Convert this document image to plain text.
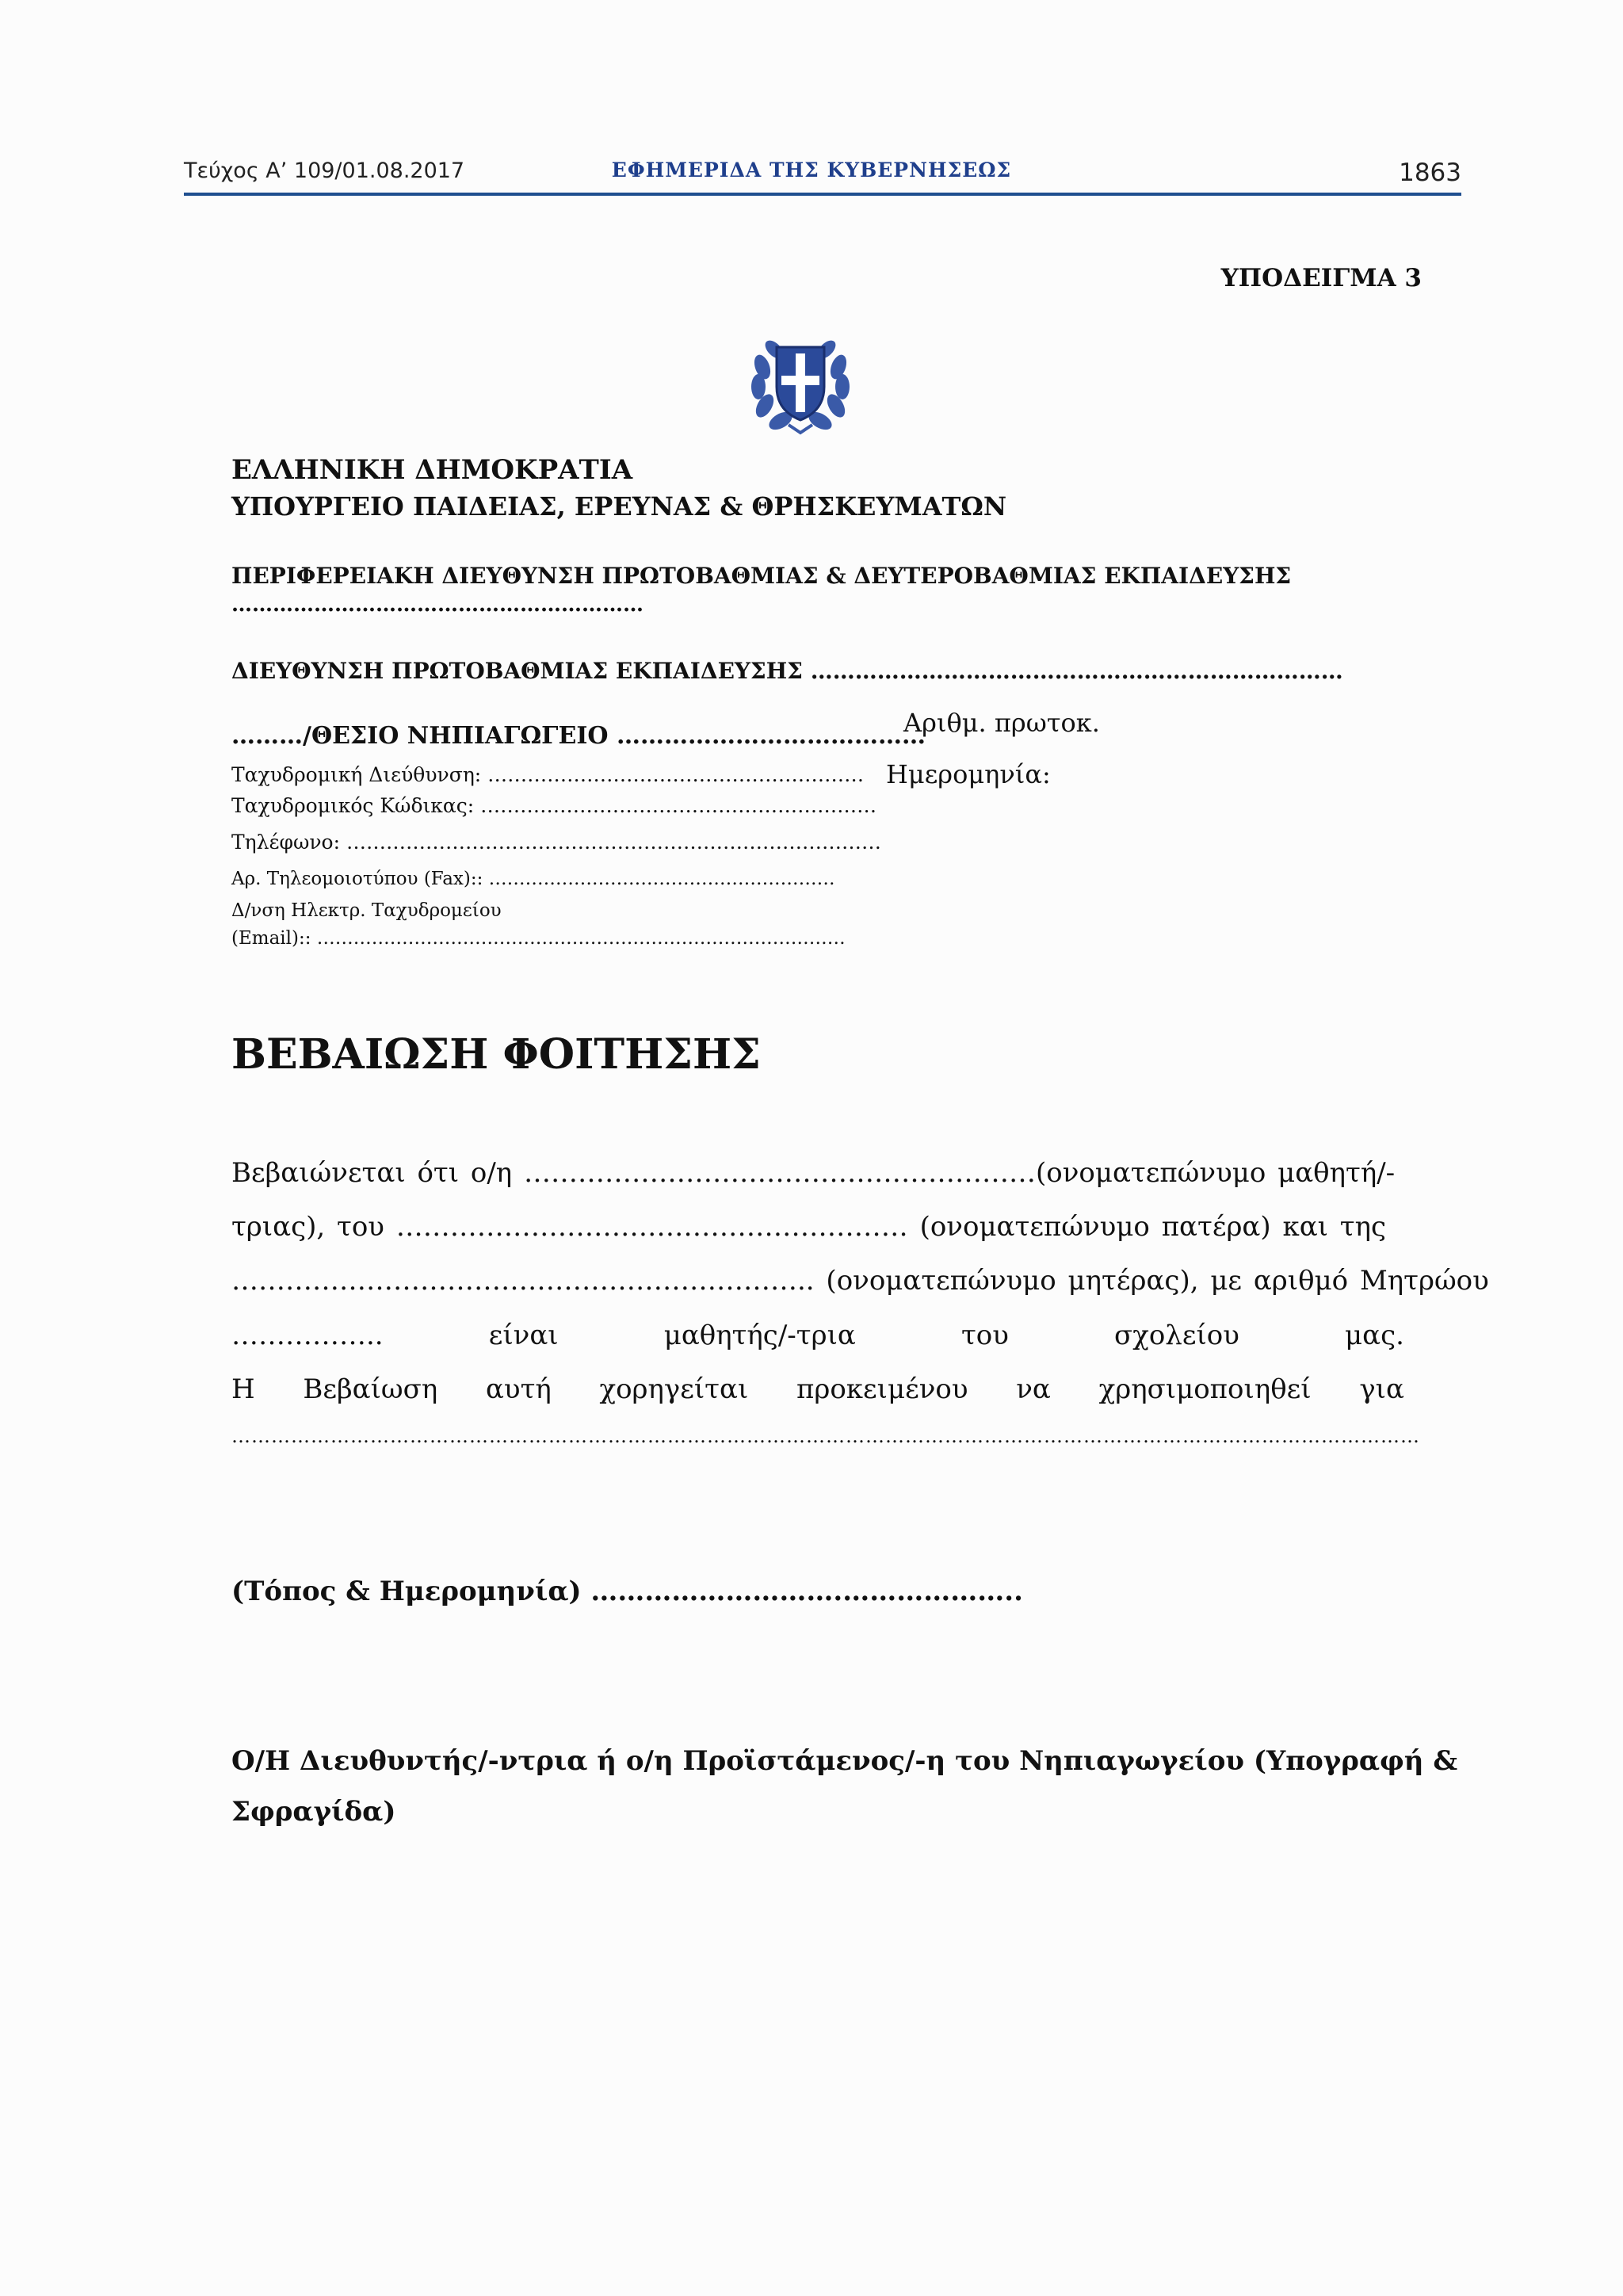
Τεύχος Α’ 109/01.08.2017	ΕΦΗΜΕΡΙΔΑ ΤΗΣ ΚΥΒΕΡΝΗΣΕΩΣ	1863
ΥΠΟΔΕΙΓΜΑ 3
ΕΛΛΗΝΙΚΗ ΔΗΜΟΚΡΑΤΙΑ
ΥΠΟΥΡΓΕΙΟ ΠΑΙΔΕΙΑΣ, ΕΡΕΥΝΑΣ & ΘΡΗΣΚΕΥΜΑΤΩΝ
ΠΕΡΙΦΕΡΕΙΑΚΗ ΔΙΕΥΘΥΝΣΗ ΠΡΩΤΟΒΑΘΜΙΑΣ & ΔΕΥΤΕΡΟΒΑΘΜΙΑΣ ΕΚΠΑΙΔΕΥΣΗΣ
……………………………………………………
ΔΙΕΥΘΥΝΣΗ ΠΡΩΤΟΒΑΘΜΙΑΣ ΕΚΠΑΙΔΕΥΣΗΣ ………………………………………………………………
………/ΘΕΣΙΟ ΝΗΠΙΑΓΩΓΕΙΟ …………………………………
Αριθμ. πρωτοκ.
Ημερομηνία:
Ταχυδρομική Διεύθυνση: …………………………………………………
Ταχυδρομικός Κώδικας: ……………………………………………………
Τηλέφωνο: ………………………………………………………………………
Αρ. Τηλεομοιοτύπου (Fax):: …………………………………………………
Δ/νση Ηλεκτρ. Ταχυδρομείου
(Email):: ……………………………………………………………………………
ΒΕΒΑΙΩΣΗ ΦΟΙΤΗΣΗΣ
Βεβαιώνεται ότι ο/η …………………………………………………(ονοματεπώνυμο μαθητή/-
τριας), του ………………………………………………… (ονοματεπώνυμο πατέρα) και της
……………………………………………………….. (ονοματεπώνυμο μητέρας), με αριθμό Μητρώου
……………..	είναι	μαθητής/-τρια	του	σχολείου	μας.
Η Βεβαίωση αυτή χορηγείται προκειμένου να χρησιμοποιηθεί για
………………………………………………………………………………………………………………………………………………………………
(Τόπος & Ημερομηνία) ……………………….………………..
Ο/Η Διευθυντής/-ντρια ή ο/η Προϊστάμενος/-η του Νηπιαγωγείου (Υπογραφή &
Σφραγίδα)
